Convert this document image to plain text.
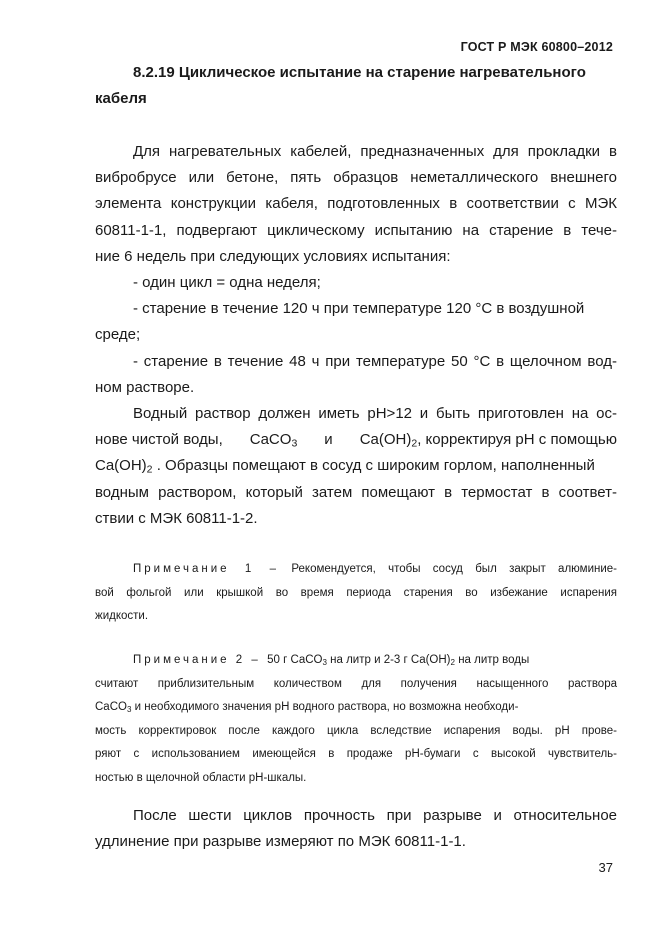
ГОСТ Р МЭК 60800–2012
8.2.19 Циклическое испытание на старение нагревательного
кабеля
Для нагревательных кабелей, предназначенных для прокладки в
вибробрусе или бетоне, пять образцов неметаллического внешнего
элемента конструкции кабеля, подготовленных в соответствии с МЭК
60811-1-1, подвергают циклическому испытанию на старение в тече-
ние 6 недель при следующих условиях испытания:
- один цикл = одна неделя;
- старение в течение 120 ч при температуре 120 °С в воздушной
среде;
- старение в течение 48 ч при температуре 50 °С в щелочном вод-
ном растворе.
Водный раствор должен иметь рН>12 и быть приготовлен на ос-
нове чистой воды, CaCO$_3$ и $Ca(OH)_2$, корректируя рН с помощью
$Ca(OH)_2$ . Образцы помещают в сосуд с широким горлом, наполненный
водным раствором, который затем помещают в термостат в соответ-
ствии с МЭК 60811-1-2.
Примечание 1 – Рекомендуется, чтобы сосуд был закрыт алюминие-
вой фольгой или крышкой во время периода старения во избежание испарения
жидкости.
Примечание 2 – 50 г CaCO$_3$ на литр и 2-3 г $Ca(OH)_2$ на литр воды
считают приблизительным количеством для получения насыщенного раствора
CaCO$_3$ и необходимого значения рН водного раствора, но возможна необходи-
мость корректировок после каждого цикла вследствие испарения воды. рН прове-
ряют с использованием имеющейся в продаже рН-бумаги с высокой чувствитель-
ностью в щелочной области рН-шкалы.
После шести циклов прочность при разрыве и относительное
удлинение при разрыве измеряют по МЭК 60811-1-1.
37
